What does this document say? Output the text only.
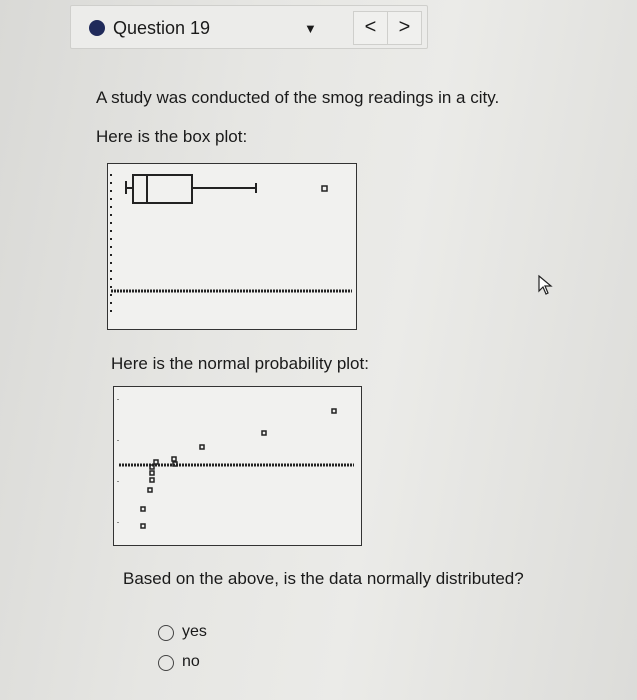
Question 19	▼	<	>
A study was conducted of the smog readings in a city.
Here is the box plot:
Here is the normal probability plot:
Based on the above, is the data normally distributed?
yes
no
